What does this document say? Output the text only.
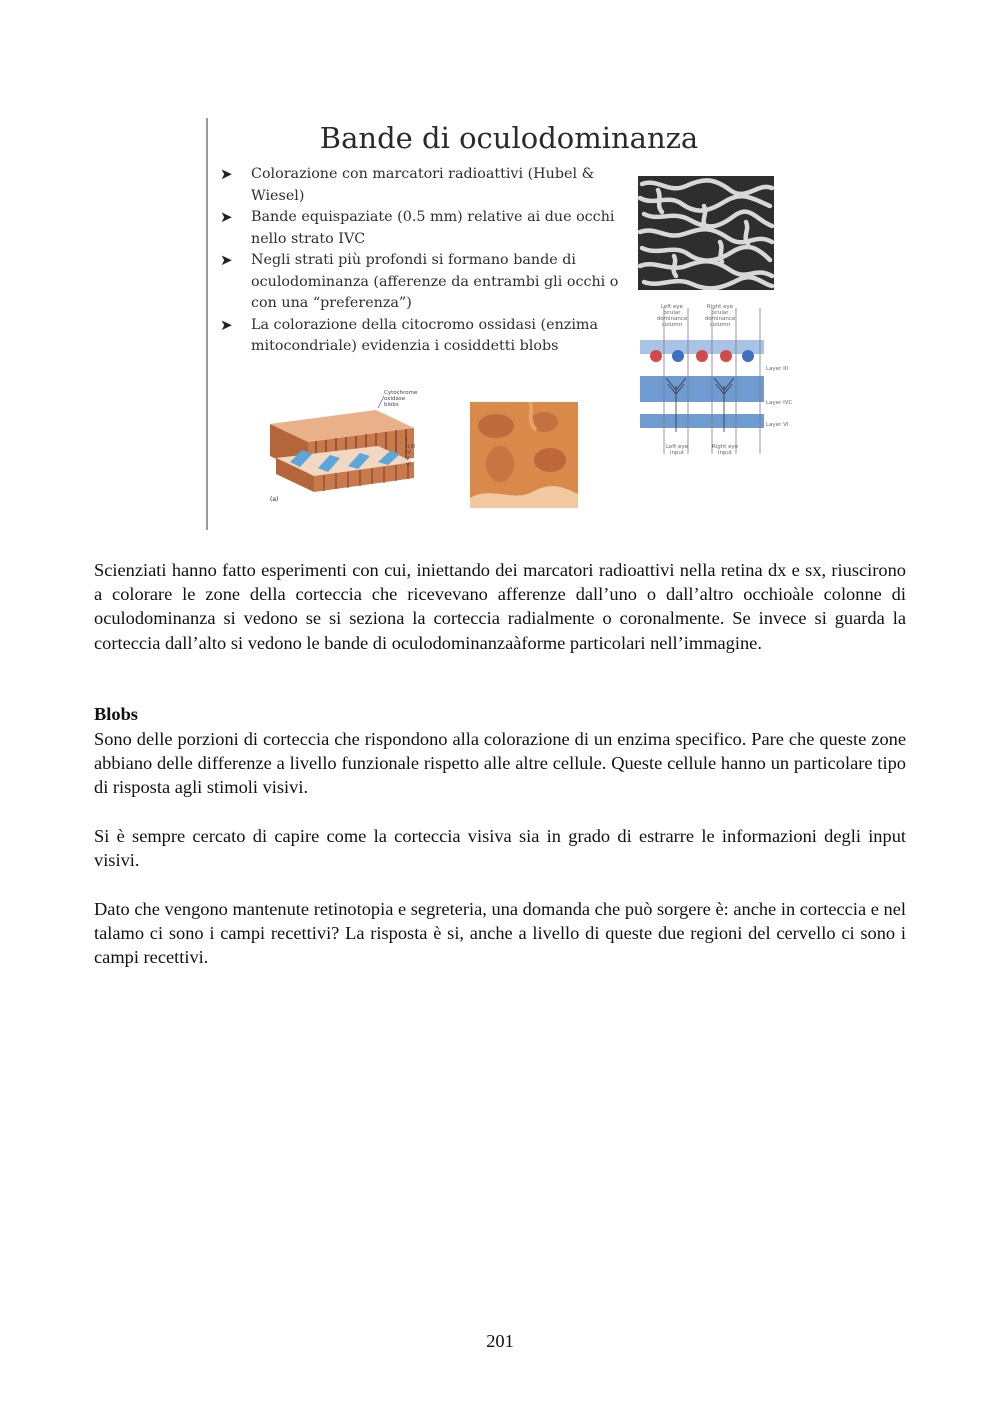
Bande di oculodominanza
➤ Colorazione con marcatori radioattivi (Hubel & Wiesel)
➤ Bande equispaziate (0.5 mm) relative ai due occhi nello strato IVC
➤ Negli strati più profondi si formano bande di oculodominanza (afferenze da entrambi gli occhi o con una “preferenza”)
➤ La colorazione della citocromo ossidasi (enzima mitocondriale) evidenzia i cosiddetti blobs
Left eye ocular dominance column
Right eye ocular dominance column
Layer III
Layer IVC
Layer VI
Left eye input
Right eye input
Cytochrome oxidase blobs
(a)
I
II,III
IV
V
VI
Scienziati hanno fatto esperimenti con cui, iniettando dei marcatori radioattivi nella retina dx e sx, riuscirono a colorare le zone della corteccia che ricevevano afferenze dall’uno o dall’altro occhioàle colonne di oculodominanza si vedono se si seziona la corteccia radialmente o coronalmente. Se invece si guarda la corteccia dall’alto si vedono le bande di oculodominanzaàforme particolari nell’immagine.
Blobs
Sono delle porzioni di corteccia che rispondono alla colorazione di un enzima specifico. Pare che queste zone abbiano delle differenze a livello funzionale rispetto alle altre cellule. Queste cellule hanno un particolare tipo di risposta agli stimoli visivi.
Si è sempre cercato di capire come la corteccia visiva sia in grado di estrarre le informazioni degli input visivi.
Dato che vengono mantenute retinotopia e segreteria, una domanda che può sorgere è: anche in corteccia e nel talamo ci sono i campi recettivi? La risposta è si, anche a livello di queste due regioni del cervello ci sono i campi recettivi.
201
